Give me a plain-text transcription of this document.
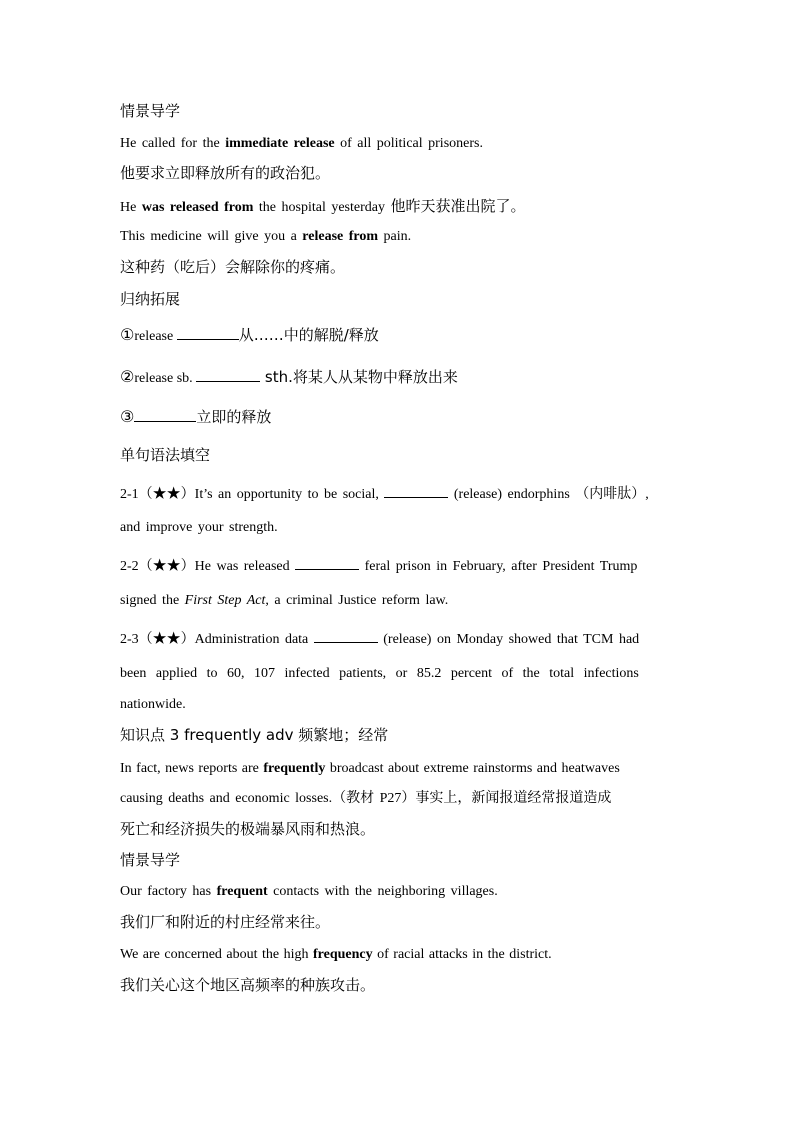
情景导学
He called for the immediate release of all political prisoners.
他要求立即释放所有的政治犯。
He was released from the hospital yesterday 他昨天获准出院了。
This medicine will give you a release from pain.
这种药（吃后）会解除你的疼痛。
归纳拓展
①release	从……中的解脱/释放
②release sb.	sth.将某人从某物中释放出来
③	立即的释放
单句语法填空
2-1（★★）It’s an opportunity to be social,	(release) endorphins （内啡肽）,
and improve your strength.
2-2（★★）He was released	feral prison in February, after President Trump
signed the First Step Act, a criminal Justice reform law.
2-3（★★）Administration data	(release) on Monday showed that TCM had
been applied to 60, 107 infected patients, or 85.2 percent of the total infections
nationwide.
知识点 3 frequently adv 频繁地；经常
In fact, news reports are frequently broadcast about extreme rainstorms and heatwaves
causing deaths and economic losses.（教材 P27）事实上，新闻报道经常报道造成
死亡和经济损失的极端暴风雨和热浪。
情景导学
Our factory has frequent contacts with the neighboring villages.
我们厂和附近的村庄经常来往。
We are concerned about the high frequency of racial attacks in the district.
我们关心这个地区高频率的种族攻击。
